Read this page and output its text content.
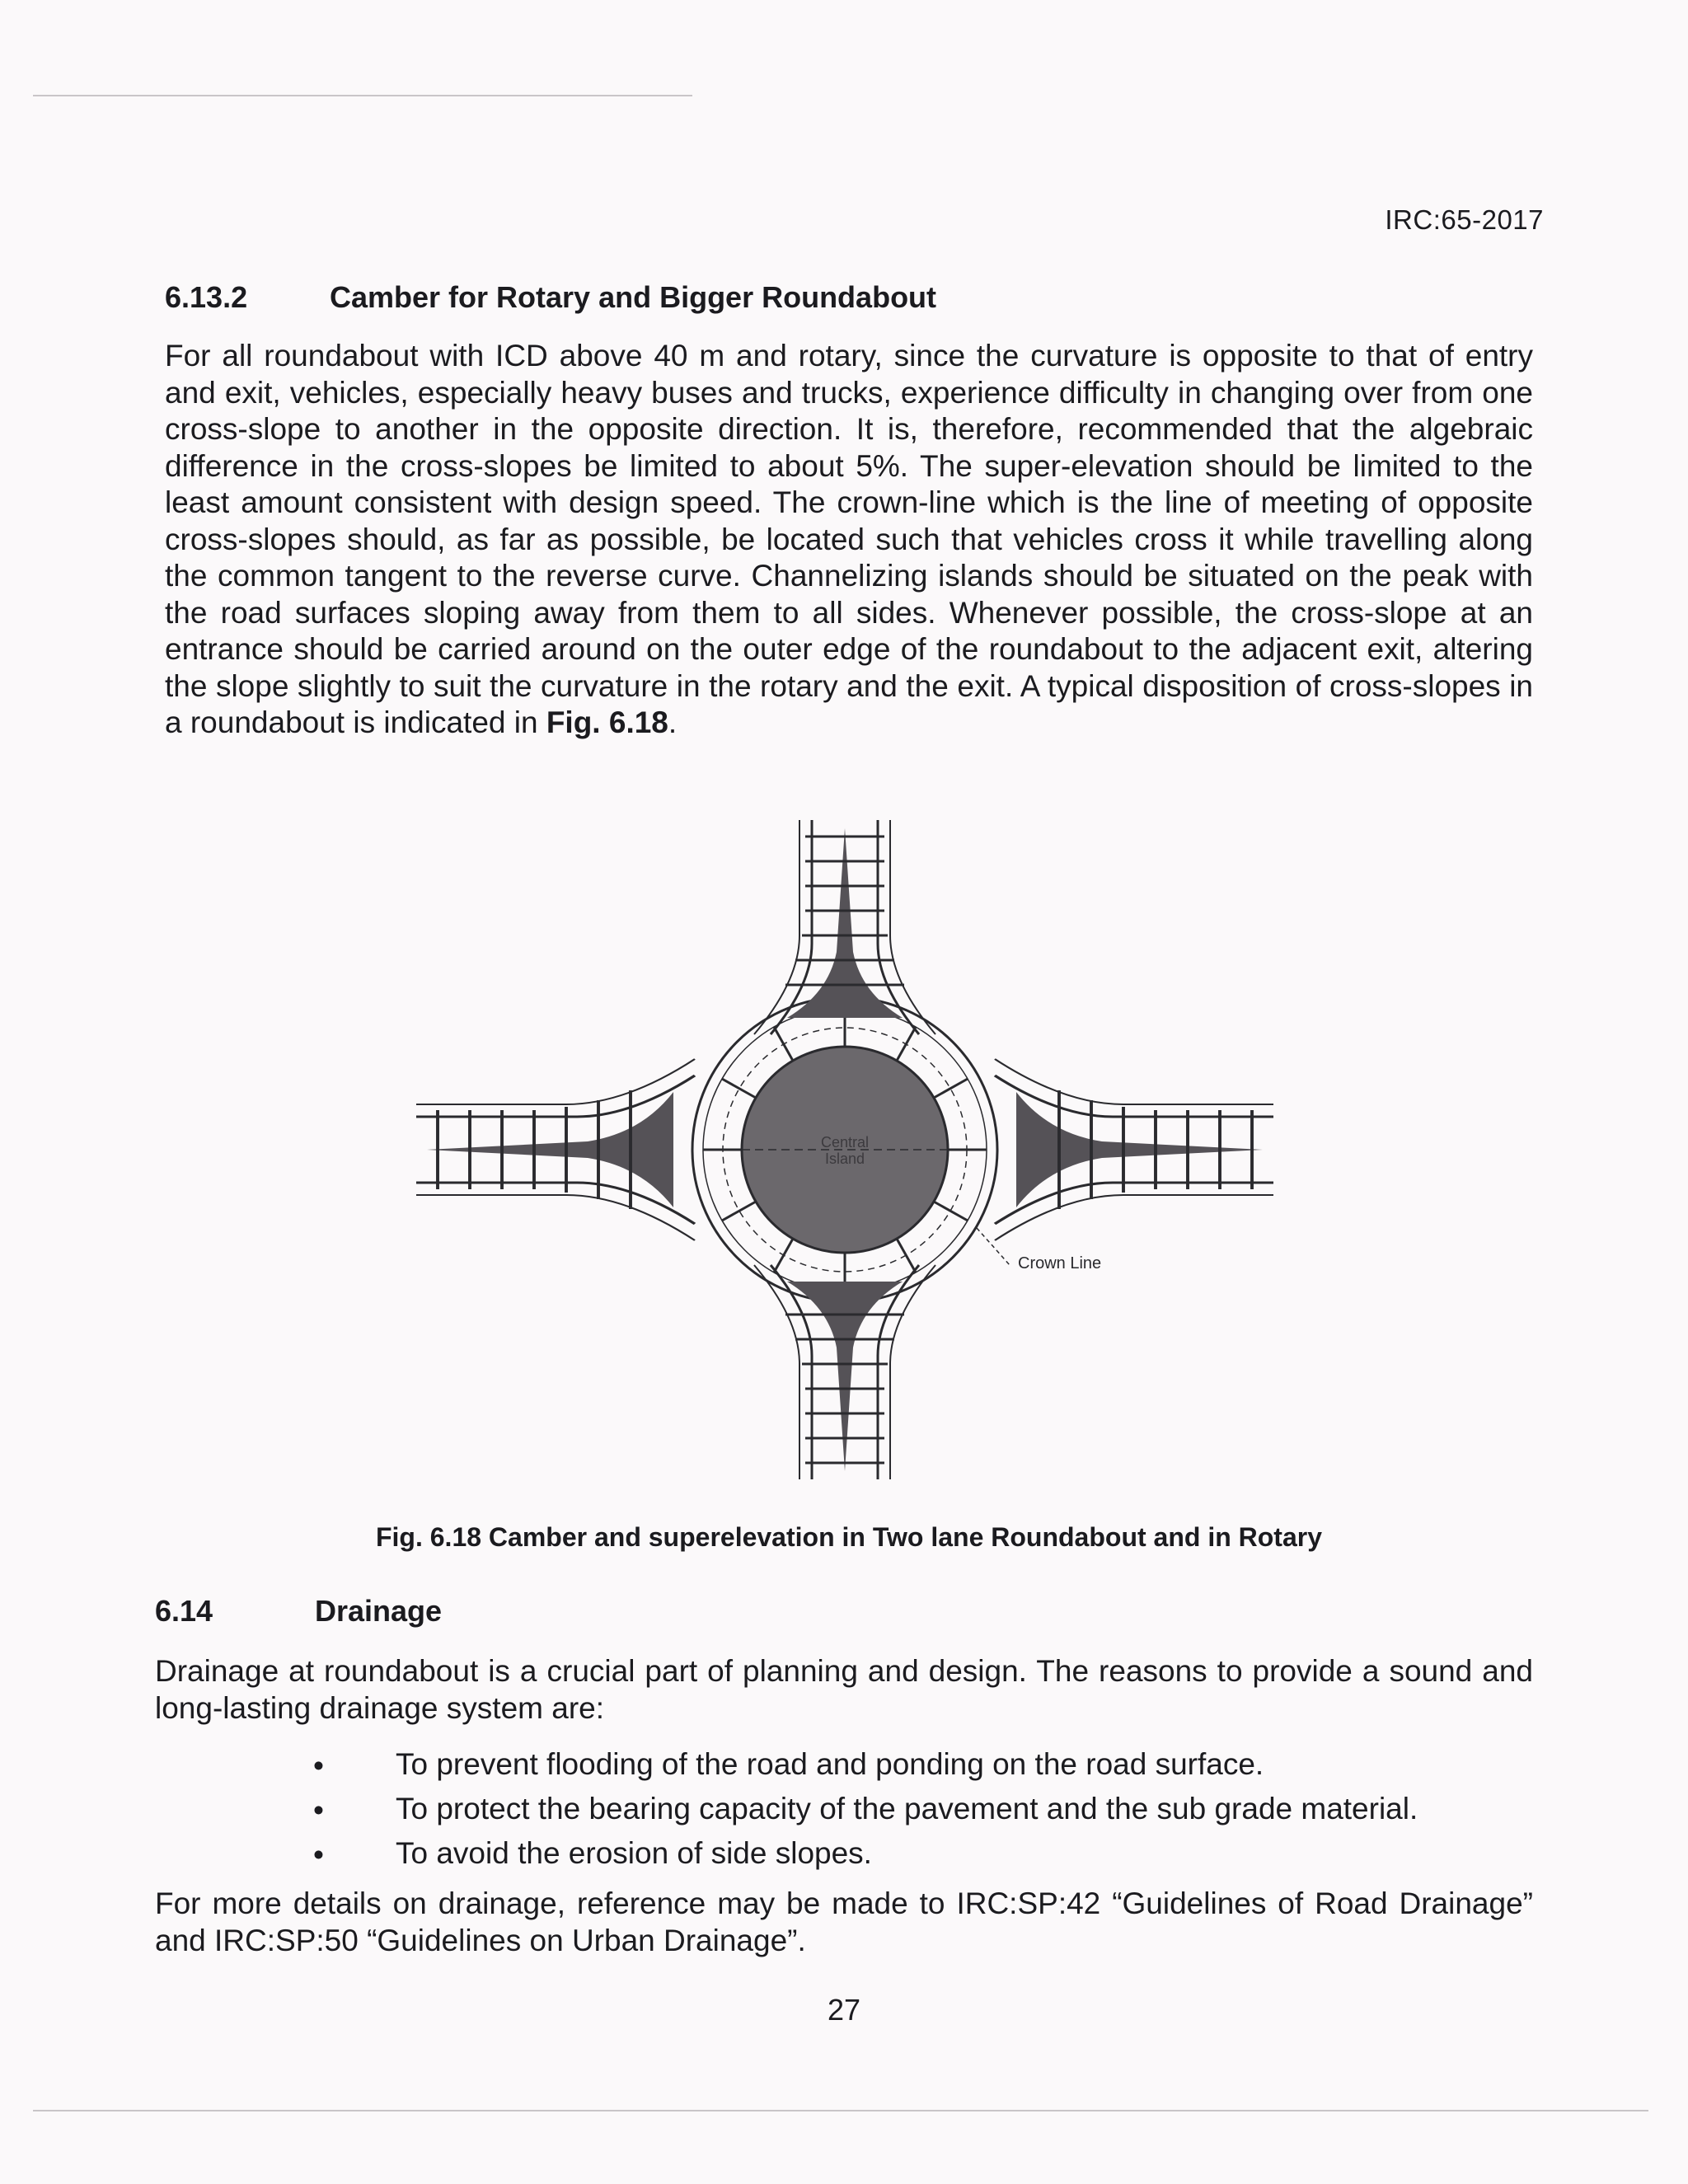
IRC:65-2017
6.13.2	Camber for Rotary and Bigger Roundabout

For all roundabout with ICD above 40 m and rotary, since the curvature is opposite to that of entry and exit, vehicles, especially heavy buses and trucks, experience difficulty in changing over from one cross-slope to another in the opposite direction. It is, therefore, recommended that the algebraic difference in the cross-slopes be limited to about 5%. The super-elevation should be limited to the least amount consistent with design speed. The crown-line which is the line of meeting of opposite cross-slopes should, as far as possible, be located such that vehicles cross it while travelling along the common tangent to the reverse curve. Channelizing islands should be situated on the peak with the road surfaces sloping away from them to all sides. Whenever possible, the cross-slope at an entrance should be carried around on the outer edge of the roundabout to the adjacent exit, altering the slope slightly to suit the curvature in the rotary and the exit. A typical disposition of cross-slopes in a roundabout is indicated in Fig. 6.18.

Central
Island
Crown Line
Fig. 6.18 Camber and superelevation in Two lane Roundabout and in Rotary
6.14	Drainage

Drainage at roundabout is a crucial part of planning and design. The reasons to provide a sound and long-lasting drainage system are:

• To prevent flooding of the road and ponding on the road surface.
• To protect the bearing capacity of the pavement and the sub grade material.
• To avoid the erosion of side slopes.

For more details on drainage, reference may be made to IRC:SP:42 “Guidelines of Road Drainage” and IRC:SP:50 “Guidelines on Urban Drainage”.

27
